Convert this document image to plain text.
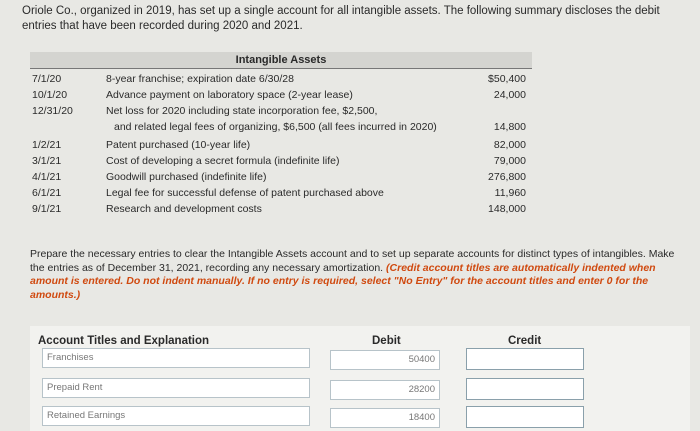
Oriole Co., organized in 2019, has set up a single account for all intangible assets. The following summary discloses the debit entries that have been recorded during 2020 and 2021.
Intangible Assets
7/1/20	8-year franchise; expiration date 6/30/28	$50,400
10/1/20	Advance payment on laboratory space (2-year lease)	24,000
12/31/20	Net loss for 2020 including state incorporation fee, $2,500,
and related legal fees of organizing, $6,500 (all fees incurred in 2020)	14,800
1/2/21	Patent purchased (10-year life)	82,000
3/1/21	Cost of developing a secret formula (indefinite life)	79,000
4/1/21	Goodwill purchased (indefinite life)	276,800
6/1/21	Legal fee for successful defense of patent purchased above	11,960
9/1/21	Research and development costs	148,000
Prepare the necessary entries to clear the Intangible Assets account and to set up separate accounts for distinct types of intangibles. Make the entries as of December 31, 2021, recording any necessary amortization. (Credit account titles are automatically indented when amount is entered. Do not indent manually. If no entry is required, select "No Entry" for the account titles and enter 0 for the amounts.)
Account Titles and Explanation	Debit	Credit
Franchises	50400
Prepaid Rent	28200
Retained Earnings	18400
